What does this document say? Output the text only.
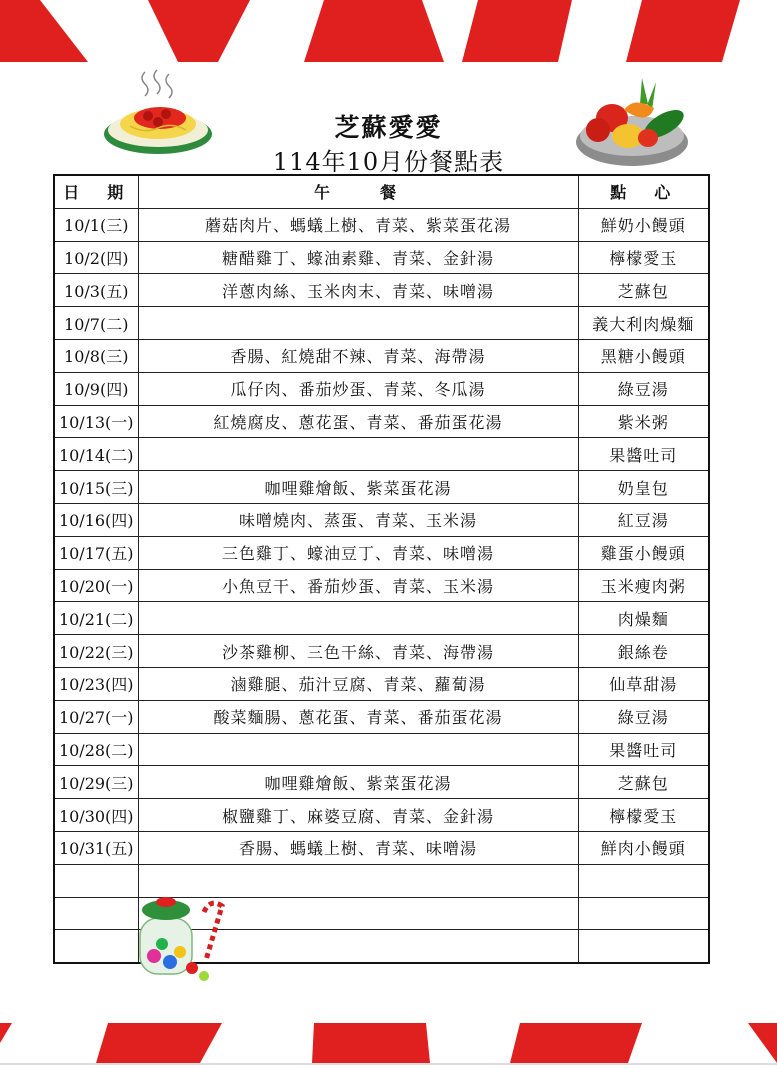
芝蘇愛愛
114年10月份餐點表
日　期	午　　餐	點　心
10/1(三)	蘑菇肉片、螞蟻上樹、青菜、紫菜蛋花湯	鮮奶小饅頭
10/2(四)	糖醋雞丁、蠔油素雞、青菜、金針湯	檸檬愛玉
10/3(五)	洋蔥肉絲、玉米肉末、青菜、味噌湯	芝蘇包
10/7(二)		義大利肉燥麵
10/8(三)	香腸、紅燒甜不辣、青菜、海帶湯	黑糖小饅頭
10/9(四)	瓜仔肉、番茄炒蛋、青菜、冬瓜湯	綠豆湯
10/13(一)	紅燒腐皮、蔥花蛋、青菜、番茄蛋花湯	紫米粥
10/14(二)		果醬吐司
10/15(三)	咖哩雞燴飯、紫菜蛋花湯	奶皇包
10/16(四)	味噌燒肉、蒸蛋、青菜、玉米湯	紅豆湯
10/17(五)	三色雞丁、蠔油豆丁、青菜、味噌湯	雞蛋小饅頭
10/20(一)	小魚豆干、番茄炒蛋、青菜、玉米湯	玉米瘦肉粥
10/21(二)		肉燥麵
10/22(三)	沙茶雞柳、三色干絲、青菜、海帶湯	銀絲卷
10/23(四)	滷雞腿、茄汁豆腐、青菜、蘿蔔湯	仙草甜湯
10/27(一)	酸菜麵腸、蔥花蛋、青菜、番茄蛋花湯	綠豆湯
10/28(二)		果醬吐司
10/29(三)	咖哩雞燴飯、紫菜蛋花湯	芝蘇包
10/30(四)	椒鹽雞丁、麻婆豆腐、青菜、金針湯	檸檬愛玉
10/31(五)	香腸、螞蟻上樹、青菜、味噌湯	鮮肉小饅頭
